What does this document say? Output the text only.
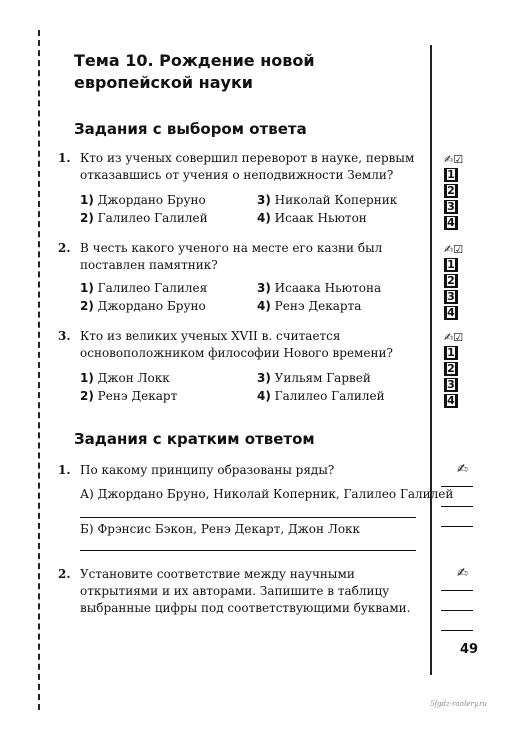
Тема 10. Рождение новой европейской науки
Задания с выбором ответа
1. Кто из ученых совершил переворот в науке, первым отказавшись от учения о неподвижности Земли?
1) Джордано Бруно	3) Николай Коперник
2) Галилео Галилей	4) Исаак Ньютон
✍☑
1
2
3
4
2. В честь какого ученого на месте его казни был поставлен памятник?
1) Галилео Галилея	3) Исаака Ньютона
2) Джордано Бруно	4) Ренэ Декарта
✍☑
1
2
3
4
3. Кто из великих ученых XVII в. считается основоположником философии Нового времени?
1) Джон Локк	3) Уильям Гарвей
2) Ренэ Декарт	4) Галилео Галилей
✍☑
1
2
3
4
Задания с кратким ответом
1. По какому принципу образованы ряды?
А) Джордано Бруно, Николай Коперник, Галилео Галилей
Б) Фрэнсис Бэкон, Ренэ Декарт, Джон Локк
✍
2. Установите соответствие между научными открытиями и их авторами. Запишите в таблицу выбранные цифры под соответствующими буквами.
✍
49
5fgdz-ranlery.ru
